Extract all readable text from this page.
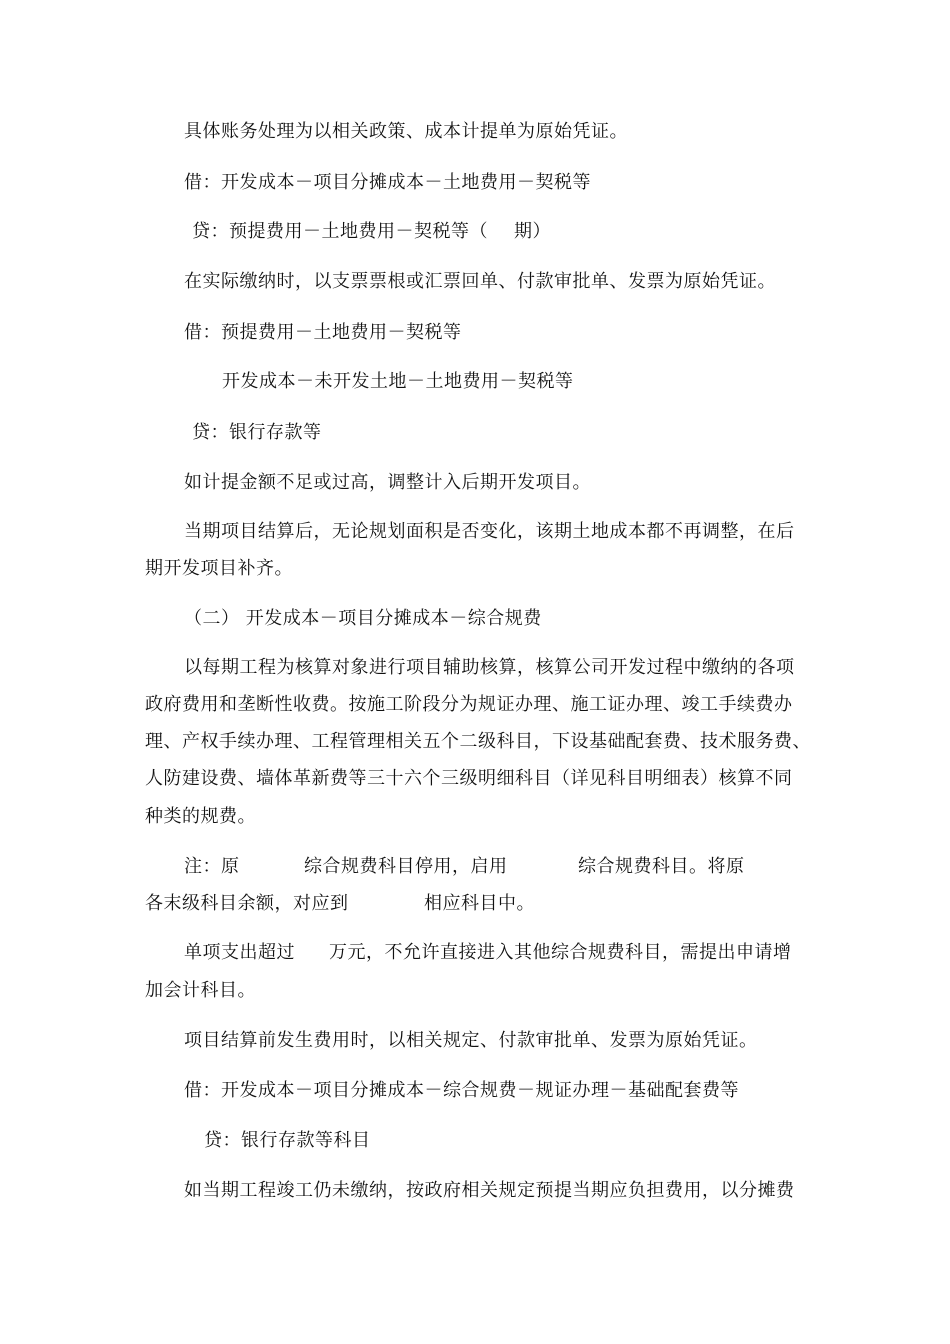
具体账务处理为以相关政策、成本计提单为原始凭证。
借：开发成本－项目分摊成本－土地费用－契税等
贷：预提费用－土地费用－契税等（ 期）
在实际缴纳时，以支票票根或汇票回单、付款审批单、发票为原始凭证。
借：预提费用－土地费用－契税等
开发成本－未开发土地－土地费用－契税等
贷：银行存款等
如计提金额不足或过高，调整计入后期开发项目。
当期项目结算后，无论规划面积是否变化，该期土地成本都不再调整，在后
期开发项目补齐。
（二） 开发成本－项目分摊成本－综合规费
以每期工程为核算对象进行项目辅助核算，核算公司开发过程中缴纳的各项
政府费用和垄断性收费。按施工阶段分为规证办理、施工证办理、竣工手续费办
理、产权手续办理、工程管理相关五个二级科目，下设基础配套费、技术服务费、
人防建设费、墙体革新费等三十六个三级明细科目（详见科目明细表）核算不同
种类的规费。
注：原	综合规费科目停用，启用	综合规费科目。将原
各末级科目余额，对应到	相应科目中。
单项支出超过 万元，不允许直接进入其他综合规费科目，需提出申请增
加会计科目。
项目结算前发生费用时，以相关规定、付款审批单、发票为原始凭证。
借：开发成本－项目分摊成本－综合规费－规证办理－基础配套费等
贷：银行存款等科目
如当期工程竣工仍未缴纳，按政府相关规定预提当期应负担费用，以分摊费
